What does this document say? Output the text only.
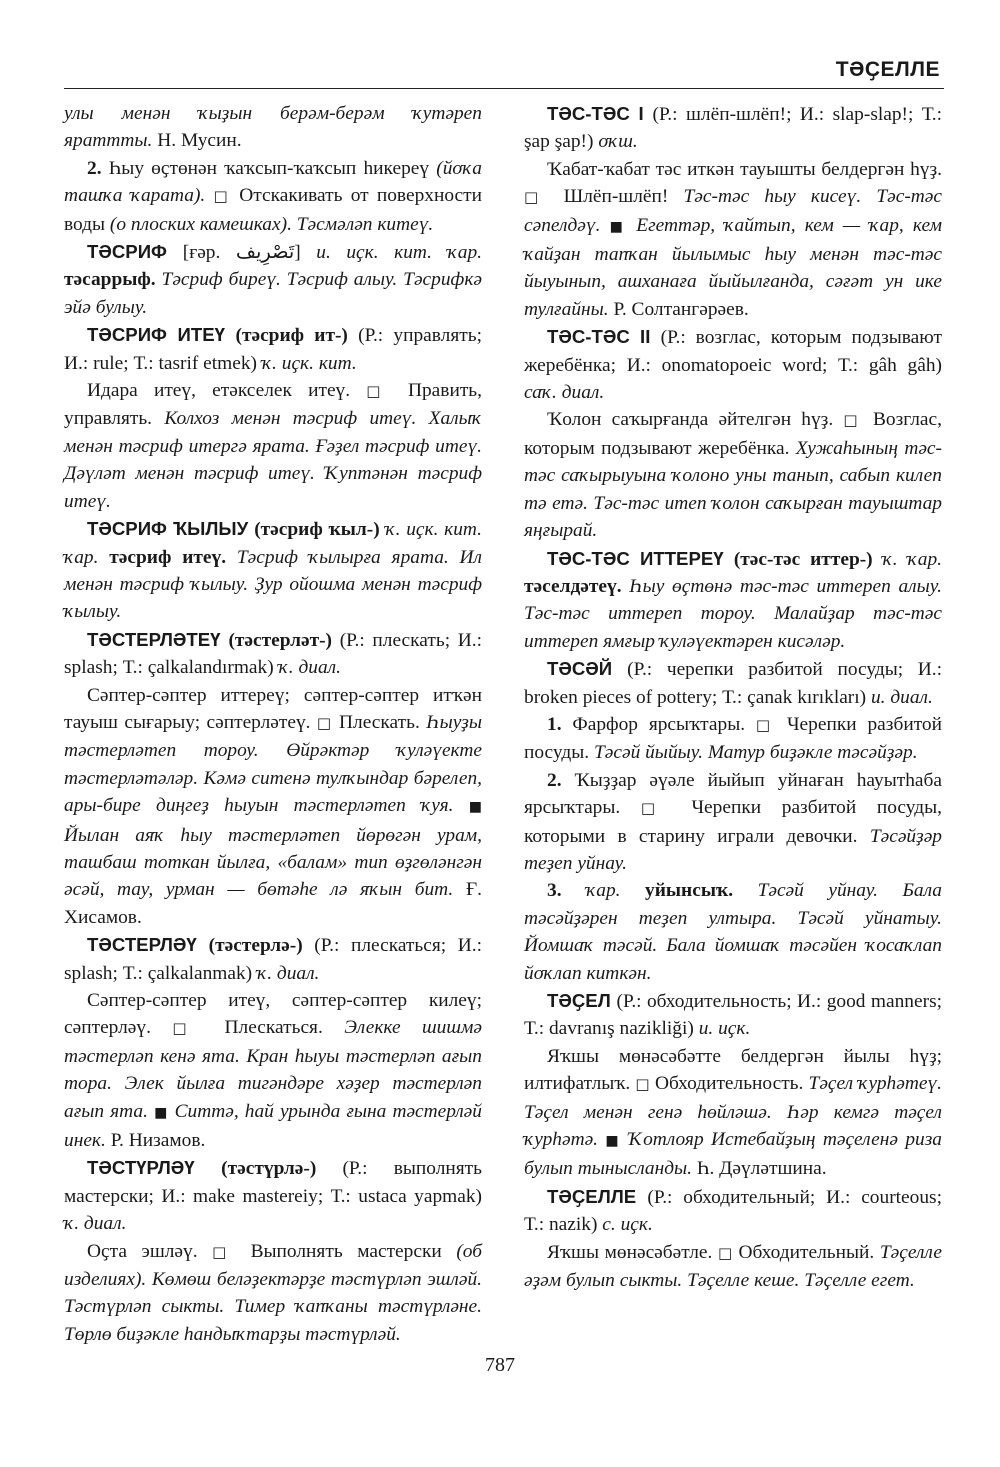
ТӘҪЕЛЛЕ

улы менән ҡыҙын берәм-берәм ҡутәреп яраттты. Н. Мусин.

2. Һыу өҫтөнән ҡаҡсып-ҡаҡсып һикереү (йоҡа ташҡа ҡарата). □ Отскакивать от поверхности воды (о плоских камешках). Тәсмәләп китеү.

ТӘСРИФ [ғәр. تَصْرِيف] и. иҫк. кит. ҡар. тәсаррыф. Тәсриф биреү. Тәсриф алыу. Тәсрифкә эйә булыу.

ТӘСРИФ ИТЕҮ (тәсриф ит-) (Р.: управлять; И.: rule; Т.: tasrif etmek) ҡ. иҫк. кит.

Идара итеү, етәкселек итеү. □ Править, управлять. Колхоз менән тәсриф итеү. Халыҡ менән тәсриф итергә ярата. Ғәҙел тәсриф итеү. Дәүләт менән тәсриф итеү. Ҡуптәнән тәсриф итеү.

ТӘСРИФ ҠЫЛЫУ (тәсриф ҡыл-) ҡ. иҫк. кит. ҡар. тәсриф итеү. Тәсриф ҡылырға ярата. Ил менән тәсриф ҡылыу. Ҙур ойошма менән тәсриф ҡылыу.

ТӘСТЕРЛӘТЕҮ (тәстерләт-) (Р.: плескать; И.: splash; Т.: çalkalandırmak) ҡ. диал.

Сәптер-сәптер иттереү; сәптер-сәптер итҡән тауыш сығарыу; сәптерләтеү. □ Плескать. Һыуҙы тәстерләтеп тороу. Өйрәктәр ҡуләүекте тәстерләтәләр. Кәмә ситенә тулҡындар бәрелеп, ары-бире диңгеҙ һыуын тәстерләтеп ҡуя. ■ Йылан аяҡ һыу тәстерләтеп йөрөгән урам, ташбаш тоткан йылға, «балам» тип өҙгөләнгән әсәй, тау, урман — бөтәһе лә яҡын бит. Ғ. Хисамов.

ТӘСТЕРЛӘҮ (тәстерлә-) (Р.: плескаться; И.: splash; Т.: çalkalanmak) ҡ. диал.

Сәптер-сәптер итеү, сәптер-сәптер килеү; сәптерләү. □ Плескаться. Элекке шишмә тәстерләп кенә ята. Кран һыуы тәстерләп ағып тора. Элек йылға тигәндәре хәҙер тәстерләп ағып ята. ■ Ситтә, һай урында ғына тәстерләй инек. Р. Низамов.

ТӘСТҮРЛӘҮ (тәстүрлә-) (Р.: выполнять мастерски; И.: make mastereiy; Т.: ustaca yapmak) ҡ. диал.

Оҫта эшләү. □ Выполнять мастерски (об изделиях). Көмөш беләҙектәрҙе тәстүрләп эшләй. Тәстүрләп сыкты. Тимер ҡапҡаны тәстүрләне. Төрлө биҙәкле һандыҡтарҙы тәстүрләй.

ТӘС-ТӘС I (Р.: шлёп-шлёп!; И.: slap-slap!; Т.: şap şap!) оҡш.

Ҡабат-ҡабат тәс иткән тауышты белдергән һүҙ. □ Шлёп-шлёп! Тәс-тәс һыу кисеү. Тәс-тәс сәпелдәү. ■ Егеттәр, ҡайтып, кем — ҡар, кем ҡайҙан тапҡан йылымыс һыу менән тәс-тәс йыуынып, ашханаға йыйылғанда, сәғәт ун ике тулғайны. Р. Солтангәрәев.

ТӘС-ТӘС II (Р.: возглас, которым подзывают жеребёнка; И.: onomatopoeic word; Т.: gâh gâh) саҡ. диал.

Ҡолон саҡырғанда әйтелгән һүҙ. □ Возглас, которым подзывают жеребёнка. Хужаһының тәс-тәс саҡырыуына ҡолоно уны танып, сабып килеп тә етә. Тәс-тәс итеп ҡолон саҡырған тауыштар яңғырай.

ТӘС-ТӘС ИТТЕРЕҮ (тәс-тәс иттер-) ҡ. ҡар. тәселдәтеү. Һыу өҫтөнә тәс-тәс иттереп алыу. Тәс-тәс иттереп тороу. Малайҙар тәс-тәс иттереп ямғыр ҡуләүектәрен кисәләр.

ТӘСӘЙ (Р.: черепки разбитой посуды; И.: broken pieces of pottery; Т.: çanak kırıkları) и. диал.

1. Фарфор ярсыҡтары. □ Черепки разбитой посуды. Тәсәй йыйыу. Матур биҙәкле тәсәйҙәр.

2. Ҡыҙҙар әүәле йыйып уйнаған һауытһаба ярсыҡтары. □ Черепки разбитой посуды, которыми в старину играли девочки. Тәсәйҙәр теҙеп уйнау.

3. ҡар. уйынсыҡ. Тәсәй уйнау. Бала тәсәйҙәрен теҙеп ултыра. Тәсәй уйнатыу. Йомшаҡ тәсәй. Бала йомшаҡ тәсәйен ҡосаҡлап йоҡлап киткән.

ТӘҪЕЛ (Р.: обходительность; И.: good manners; Т.: davranış nazikliği) и. иҫк.

Яҡшы мөнәсәбәтте белдергән йылы һүҙ; илтифатлыҡ. □ Обходительность. Тәҫел ҡурһәтеү. Тәҫел менән генә һөйләшә. Һәр кемгә тәҫел ҡурһәтә. ■ Ҡотлояр Истебайҙың тәҫеленә риза булып тынысланды. Һ. Дәүләтшина.

ТӘҪЕЛЛЕ (Р.: обходительный; И.: courteous; Т.: nazik) с. иҫк.

Яҡшы мөнәсәбәтле. □ Обходительный. Тәҫелле әҙәм булып сыкты. Тәҫелле кеше. Тәҫелле егет.

787
